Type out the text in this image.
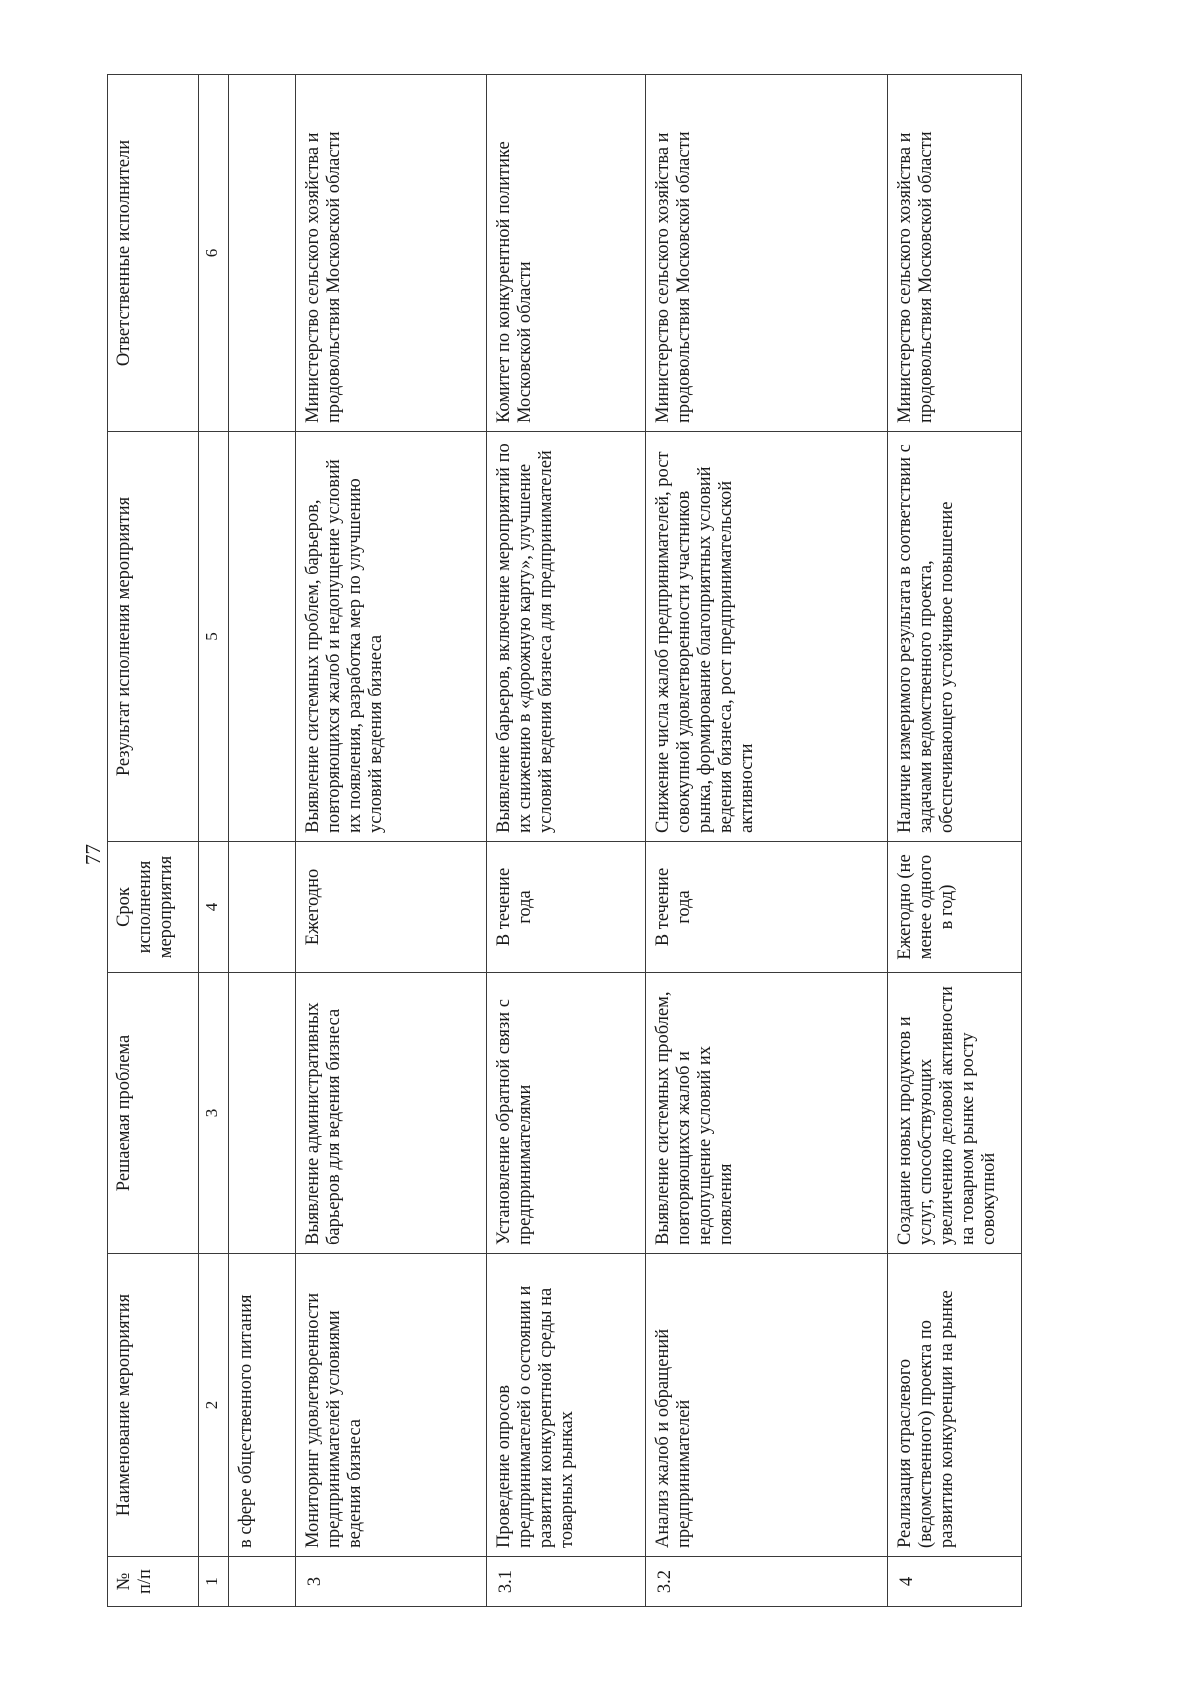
77
№ п/п	Наименование мероприятия	Решаемая проблема	Срок исполнения мероприятия	Результат исполнения мероприятия	Ответственные исполнители
1	2	3	4	5	6
	в сфере общественного питания				
3	Мониторинг удовлетворенности предпринимателей условиями ведения бизнеса	Выявление административных барьеров для ведения бизнеса	Ежегодно	Выявление системных проблем, барьеров, повторяющихся жалоб и недопущение условий их появления, разработка мер по улучшению условий ведения бизнеса	Министерство сельского хозяйства и продовольствия Московской области
3.1	Проведение опросов предпринимателей о состоянии и развитии конкурентной среды на товарных рынках	Установление обратной связи с предпринимателями	В течение года	Выявление барьеров, включение мероприятий по их снижению в «дорожную карту», улучшение условий ведения бизнеса для предпринимателей	Комитет по конкурентной политике Московской области
3.2	Анализ жалоб и обращений предпринимателей	Выявление системных проблем, повторяющихся жалоб и недопущение условий их появления	В течение года	Снижение числа жалоб предпринимателей, рост совокупной удовлетворенности участников рынка, формирование благоприятных условий ведения бизнеса, рост предпринимательской активности	Министерство сельского хозяйства и продовольствия Московской области
4	Реализация отраслевого (ведомственного) проекта по развитию конкуренции на рынке	Создание новых продуктов и услуг, способствующих увеличению деловой активности на товарном рынке и росту совокупной	Ежегодно (не менее одного в год)	Наличие измеримого результата в соответствии с задачами ведомственного проекта, обеспечивающего устойчивое повышение	Министерство сельского хозяйства и продовольствия Московской области
